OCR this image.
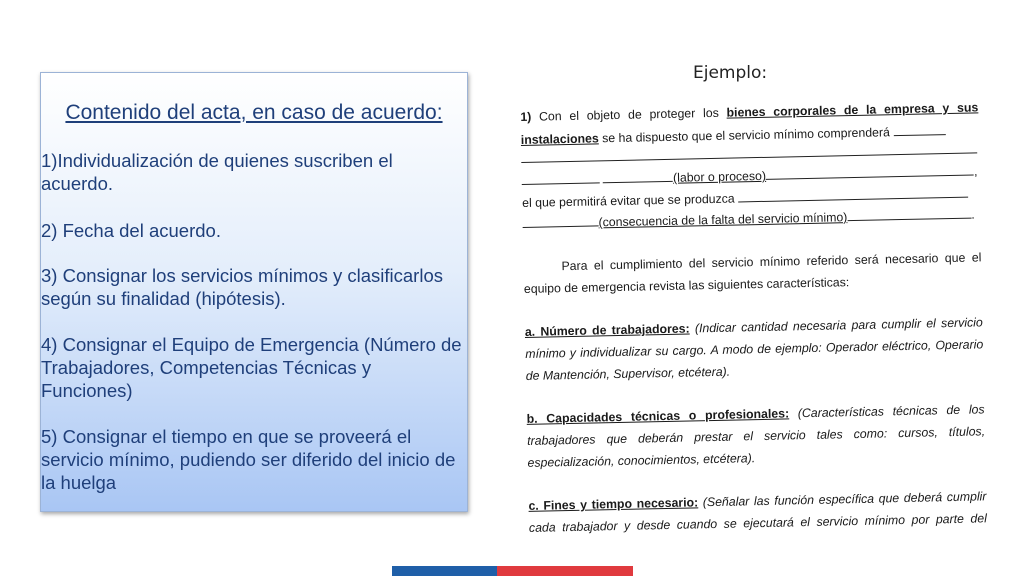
Contenido del acta, en caso de acuerdo:
1)Individualización de quienes suscriben el acuerdo.
2) Fecha del acuerdo.
3) Consignar los servicios mínimos y clasificarlos según su finalidad (hipótesis).
4) Consignar el Equipo de Emergencia (Número de Trabajadores, Competencias Técnicas y Funciones)
5) Consignar el tiempo en que se proveerá el servicio mínimo, pudiendo ser diferido del inicio de la huelga
Ejemplo:
1) Con el objeto de proteger los bienes corporales de la empresa y sus
instalaciones se ha dispuesto que el servicio mínimo comprenderá
(labor o proceso)	,
el que permitirá evitar que se produzca
(consecuencia de la falta del servicio mínimo)	.
Para el cumplimiento del servicio mínimo referido será necesario que el
equipo de emergencia revista las siguientes características:
a. Número de trabajadores: (Indicar cantidad necesaria para cumplir el servicio
mínimo y individualizar su cargo. A modo de ejemplo: Operador eléctrico, Operario
de Mantención, Supervisor, etcétera).
b. Capacidades técnicas o profesionales: (Características técnicas de los
trabajadores que deberán prestar el servicio tales como: cursos, títulos,
especialización, conocimientos, etcétera).
c. Fines y tiempo necesario: (Señalar las función específica que deberá cumplir
cada trabajador y desde cuando se ejecutará el servicio mínimo por parte del
